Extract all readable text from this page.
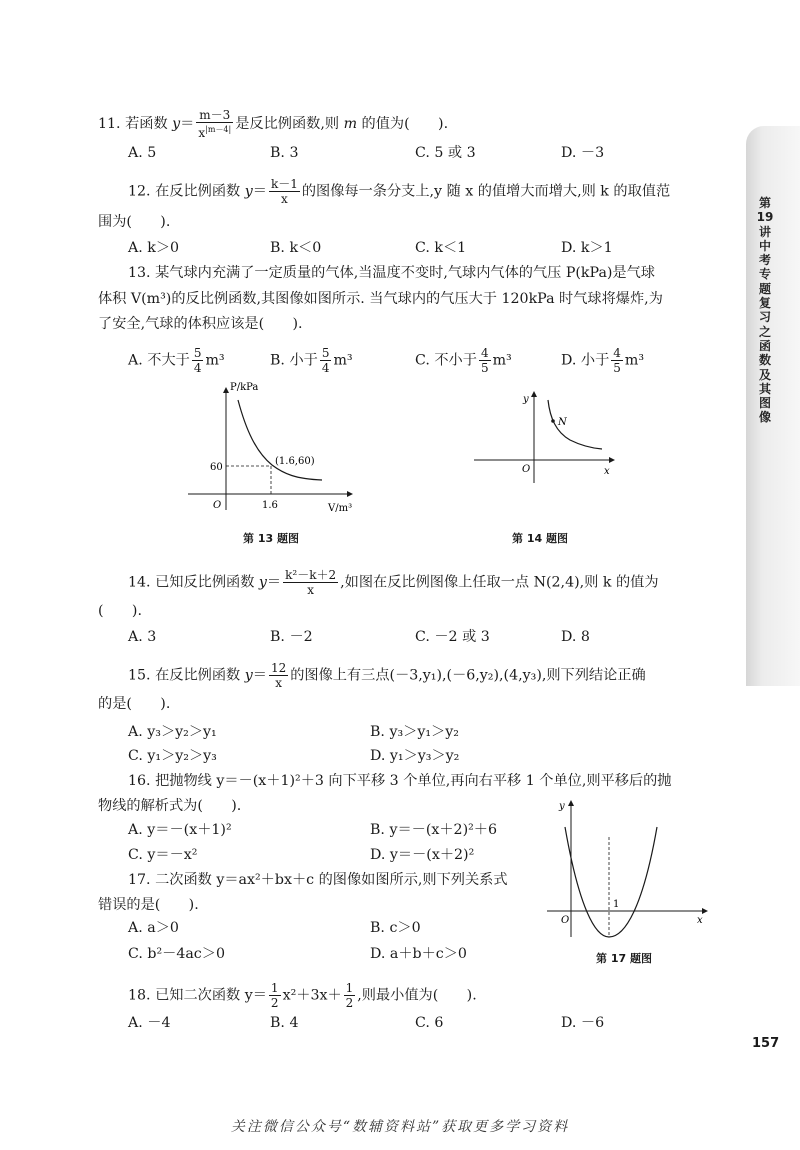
11. 若函数 $y= \frac{m-3}{x^{|m-4|}}$ 是反比例函数,则 m 的值为(　　).
A. 5	B. 3	C. 5 或 3	D. －3
12. 在反比例函数 $y= \frac{k-1}{x}$ 的图像每一条分支上,y 随 x 的值增大而增大,则 k 的取值范
围为(　　).
A. k＞0	B. k＜0	C. k＜1	D. k＞1
13. 某气球内充满了一定质量的气体,当温度不变时,气球内气体的气压 P(kPa)是气球
体积 V(m³)的反比例函数,其图像如图所示. 当气球内的气压大于 120kPa 时气球将爆炸,为
了安全,气球的体积应该是(　　).
A. 不大于 $\frac{5}{4} m^3$	B. 小于 $\frac{5}{4} m^3$	C. 不小于 $\frac{4}{5} m^3$	D. 小于 $\frac{4}{5} m^3$
P/kPa
V/m³
O
60
1.6
(1.6,60)
第 13 题图
y
x
O
N
第 14 题图
14. 已知反比例函数 $y= \frac{\text{k²－k＋2}}{x}$ ,如图在反比例图像上任取一点 N(2,4),则 k 的值为
(　　).
A. 3	B. －2	C. －2 或 3	D. 8
15. 在反比例函数 $y= \frac{12}{x}$ 的图像上有三点(－3,y₁),(－6,y₂),(4,y₃),则下列结论正确
的是(　　).
A. y₃＞y₂＞y₁	B. y₃＞y₁＞y₂
C. y₁＞y₂＞y₃	D. y₁＞y₃＞y₂
16. 把抛物线 y＝－(x＋1)²＋3 向下平移 3 个单位,再向右平移 1 个单位,则平移后的抛
物线的解析式为(　　).
A. y＝－(x＋1)²	B. y＝－(x＋2)²＋6
C. y＝－x²	D. y＝－(x＋2)²
17. 二次函数 y＝ax²＋bx＋c 的图像如图所示,则下列关系式
错误的是(　　).
A. a＞0	B. c＞0
C. b²－4ac＞0	D. a＋b＋c＞0
y
x
O
1
第 17 题图
18. 已知二次函数 $y= \frac{1}{2} x^2+3x+ \frac{1}{2}$ ,则最小值为(　　).
A. －4	B. 4	C. 6	D. －6
第19讲 中考专题复习之函数及其图像
157
关注微信公众号“数辅资料站”获取更多学习资料
